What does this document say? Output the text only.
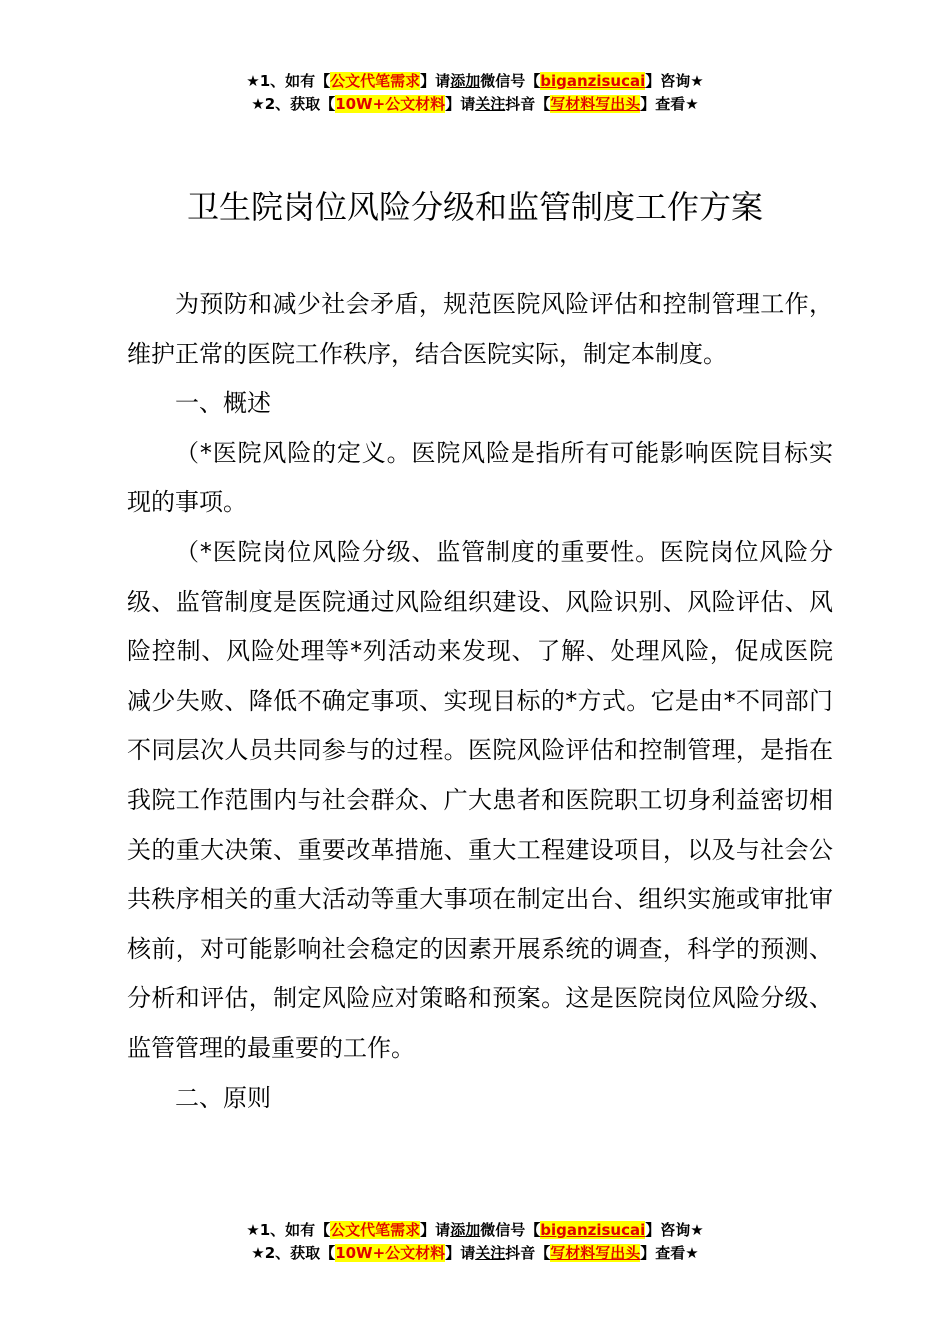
★1、如有【公文代笔需求】请添加微信号【biganzisucai】咨询★
★2、获取【10W+公文材料】请关注抖音【写材料写出头】查看★
卫生院岗位风险分级和监管制度工作方案

为预防和减少社会矛盾，规范医院风险评估和控制管理工作，维护正常的医院工作秩序，结合医院实际，制定本制度。

一、概述

（*医院风险的定义。医院风险是指所有可能影响医院目标实现的事项。

（*医院岗位风险分级、监管制度的重要性。医院岗位风险分级、监管制度是医院通过风险组织建设、风险识别、风险评估、风险控制、风险处理等*列活动来发现、了解、处理风险，促成医院减少失败、降低不确定事项、实现目标的*方式。它是由*不同部门不同层次人员共同参与的过程。医院风险评估和控制管理，是指在我院工作范围内与社会群众、广大患者和医院职工切身利益密切相关的重大决策、重要改革措施、重大工程建设项目，以及与社会公共秩序相关的重大活动等重大事项在制定出台、组织实施或审批审核前，对可能影响社会稳定的因素开展系统的调查，科学的预测、分析和评估，制定风险应对策略和预案。这是医院岗位风险分级、监管管理的最重要的工作。

二、原则

★1、如有【公文代笔需求】请添加微信号【biganzisucai】咨询★
★2、获取【10W+公文材料】请关注抖音【写材料写出头】查看★
